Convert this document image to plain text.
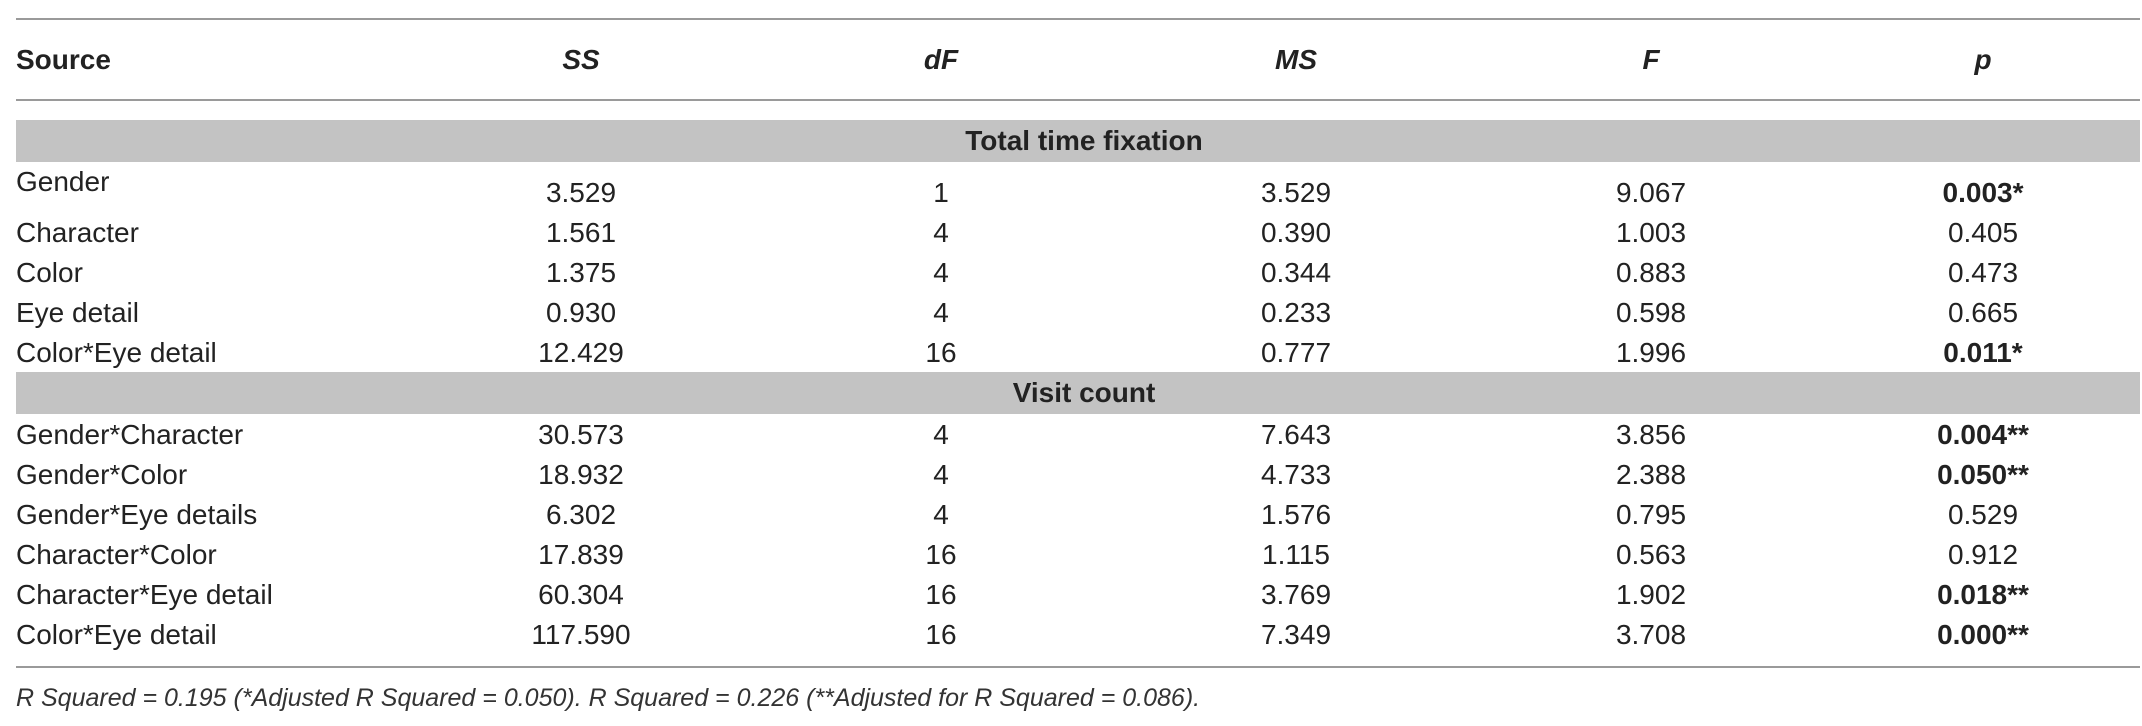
Source	SS	dF	MS	F	p

Total time fixation					
Gender	3.529	1	3.529	9.067	0.003*
Character	1.561	4	0.390	1.003	0.405
Color	1.375	4	0.344	0.883	0.473
Eye detail	0.930	4	0.233	0.598	0.665
Color*Eye detail	12.429	16	0.777	1.996	0.011*
Visit count					
Gender*Character	30.573	4	7.643	3.856	0.004**
Gender*Color	18.932	4	4.733	2.388	0.050**
Gender*Eye details	6.302	4	1.576	0.795	0.529
Character*Color	17.839	16	1.115	0.563	0.912
Character*Eye detail	60.304	16	3.769	1.902	0.018**
Color*Eye detail	117.590	16	7.349	3.708	0.000**
R Squared = 0.195 (*Adjusted R Squared = 0.050). R Squared = 0.226 (**Adjusted for R Squared = 0.086).
